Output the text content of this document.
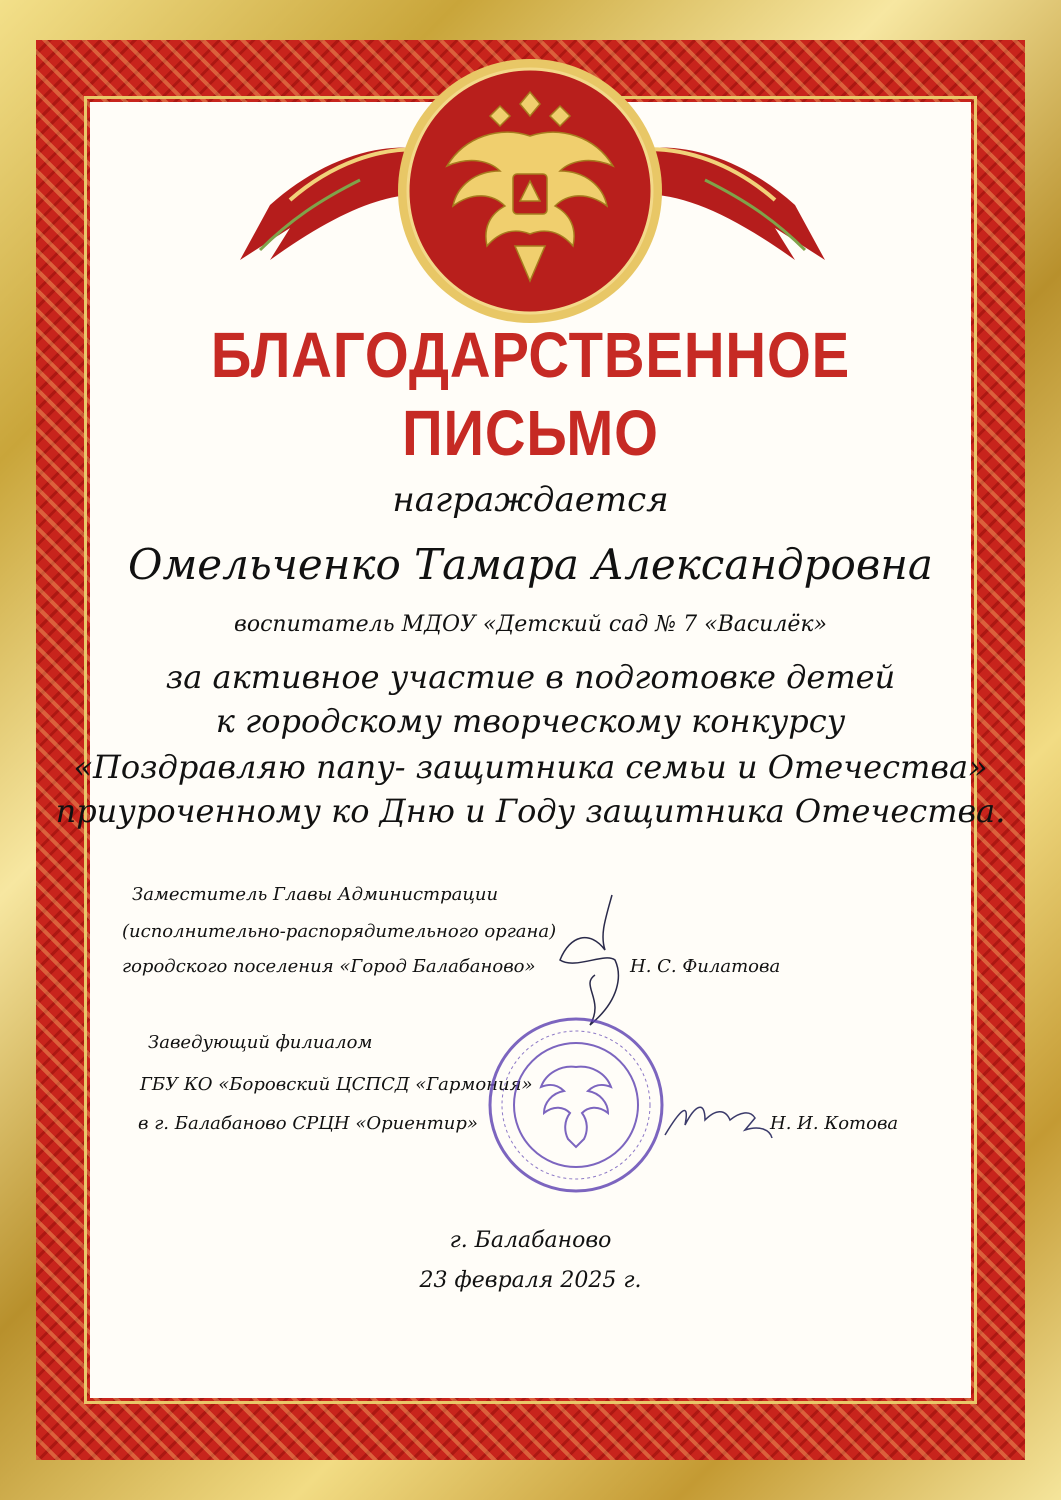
БЛАГОДАРСТВЕННОЕ
ПИСЬМО
награждается
Омельченко Тамара Александровна
воспитатель МДОУ «Детский сад № 7 «Василёк»
за активное участие в подготовке детей
к городскому творческому конкурсу
«Поздравляю папу- защитника семьи и Отечества»
приуроченному ко Дню и Году защитника Отечества.
Заместитель Главы Администрации
(исполнительно-распорядительного органа)
городского поселения «Город Балабаново»	Н. С. Филатова
Заведующий филиалом
ГБУ КО «Боровский ЦСПСД «Гармония»
в г. Балабаново СРЦН «Ориентир»	Н. И. Котова
г. Балабаново
23 февраля 2025 г.
